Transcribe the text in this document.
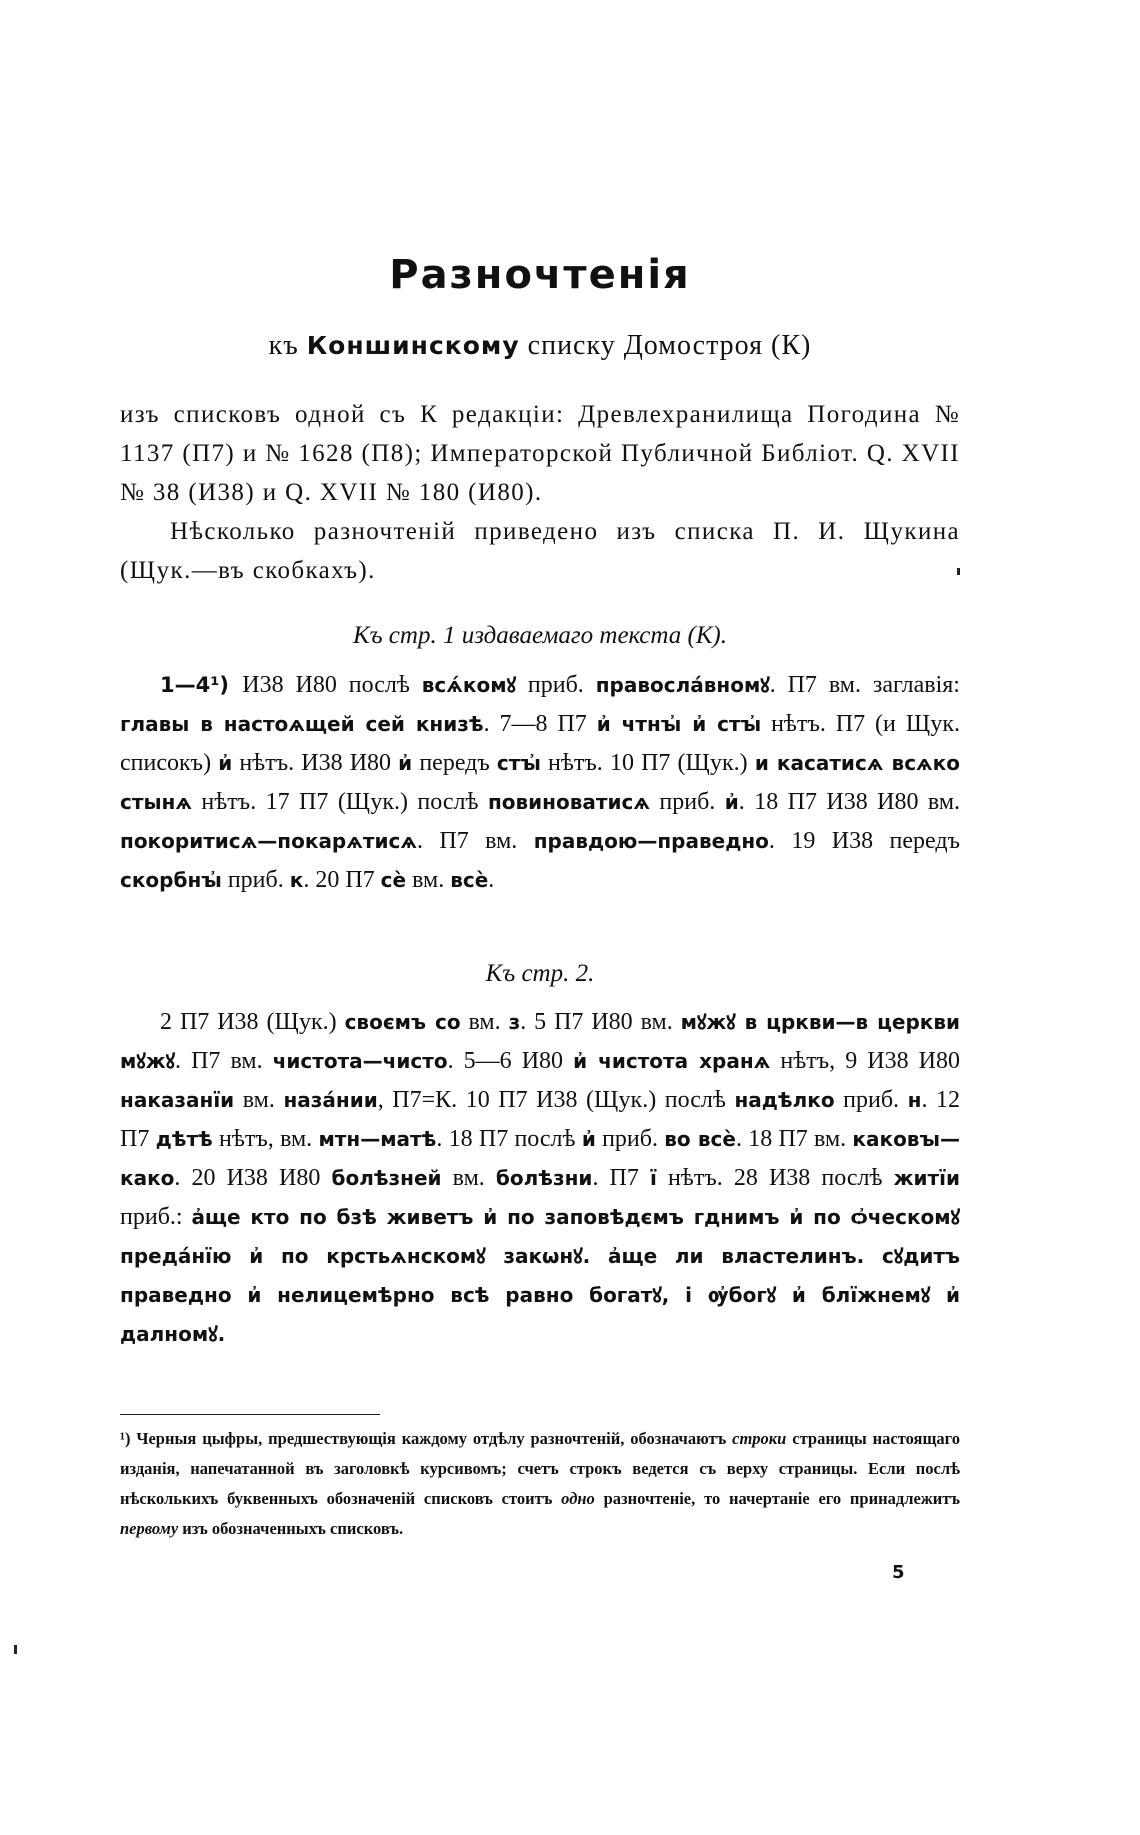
Разночтенія
къ Коншинскому списку Домостроя (К)

изъ списковъ одной съ К редакціи: Древлехранилища Погодина № 1137 (П7) и № 1628 (П8); Императорской Публичной Библіот. Q. XVII № 38 (И38) и Q. XVII № 180 (И80).

Нѣсколько разночтеній приведено изъ списка П. И. Щукина (Щук.—въ скобкахъ).

Къ стр. 1 издаваемаго текста (К).

1—4¹) И38 И80 послѣ всѧ́комꙋ приб. правосла́вномꙋ. П7 вм. заглавія: главы в настоѧщей сей книзѣ. 7—8 П7 и҆ чтнꙑ҆ и҆ стꙑ҆ нѣтъ. П7 (и Щук. списокъ) и҆ нѣтъ. И38 И80 и҆ передъ стꙑ҆ нѣтъ. 10 П7 (Щук.) и касатисѧ всѧко стынѧ нѣтъ. 17 П7 (Щук.) послѣ повиноватисѧ приб. и҆. 18 П7 И38 И80 вм. покоритисѧ—покарѧтисѧ. П7 вм. правдою—праведно. 19 И38 передъ скорбнꙑ҆ приб. к. 20 П7 сѐ вм. всѐ.

Къ стр. 2.

2 П7 И38 (Щук.) своємъ со вм. з. 5 П7 И80 вм. мꙋжꙋ в цркви—в церкви мꙋжꙋ. П7 вм. чистота—чисто. 5—6 И80 и҆ чистота хранѧ нѣтъ, 9 И38 И80 наказанїи вм. наза́нии, П7=К. 10 П7 И38 (Щук.) послѣ надѣлко приб. н. 12 П7 дѣтѣ нѣтъ, вм. мтн—матѣ. 18 П7 послѣ и҆ приб. во всѐ. 18 П7 вм. каковꙑ—како. 20 И38 И80 болѣзней вм. болѣзни. П7 ї нѣтъ. 28 И38 послѣ житїи приб.: а҆ще кто по бзѣ живетъ и҆ по заповѣдємъ гднимъ и҆ по ѻ҆ческомꙋ преда́нїю и҆ по крстьѧнскомꙋ закѡнꙋ. а҆ще ли властелинъ. сꙋдитъ праведно и҆ нелицемѣрно всѣ равно богатꙋ, і ѹ҆богꙋ и҆ блїжнемꙋ и҆ далномꙋ.

¹) Черныя цыфры, предшествующія каждому отдѣлу разночтеній, обозначаютъ строки страницы настоящаго изданія, напечатанной въ заголовкѣ курсивомъ; счетъ строкъ ведется съ верху страницы. Если послѣ нѣсколькихъ буквенныхъ обозначеній списковъ стоитъ одно разночтеніе, то начертаніе его принадлежитъ первому изъ обозначенныхъ списковъ.

5
